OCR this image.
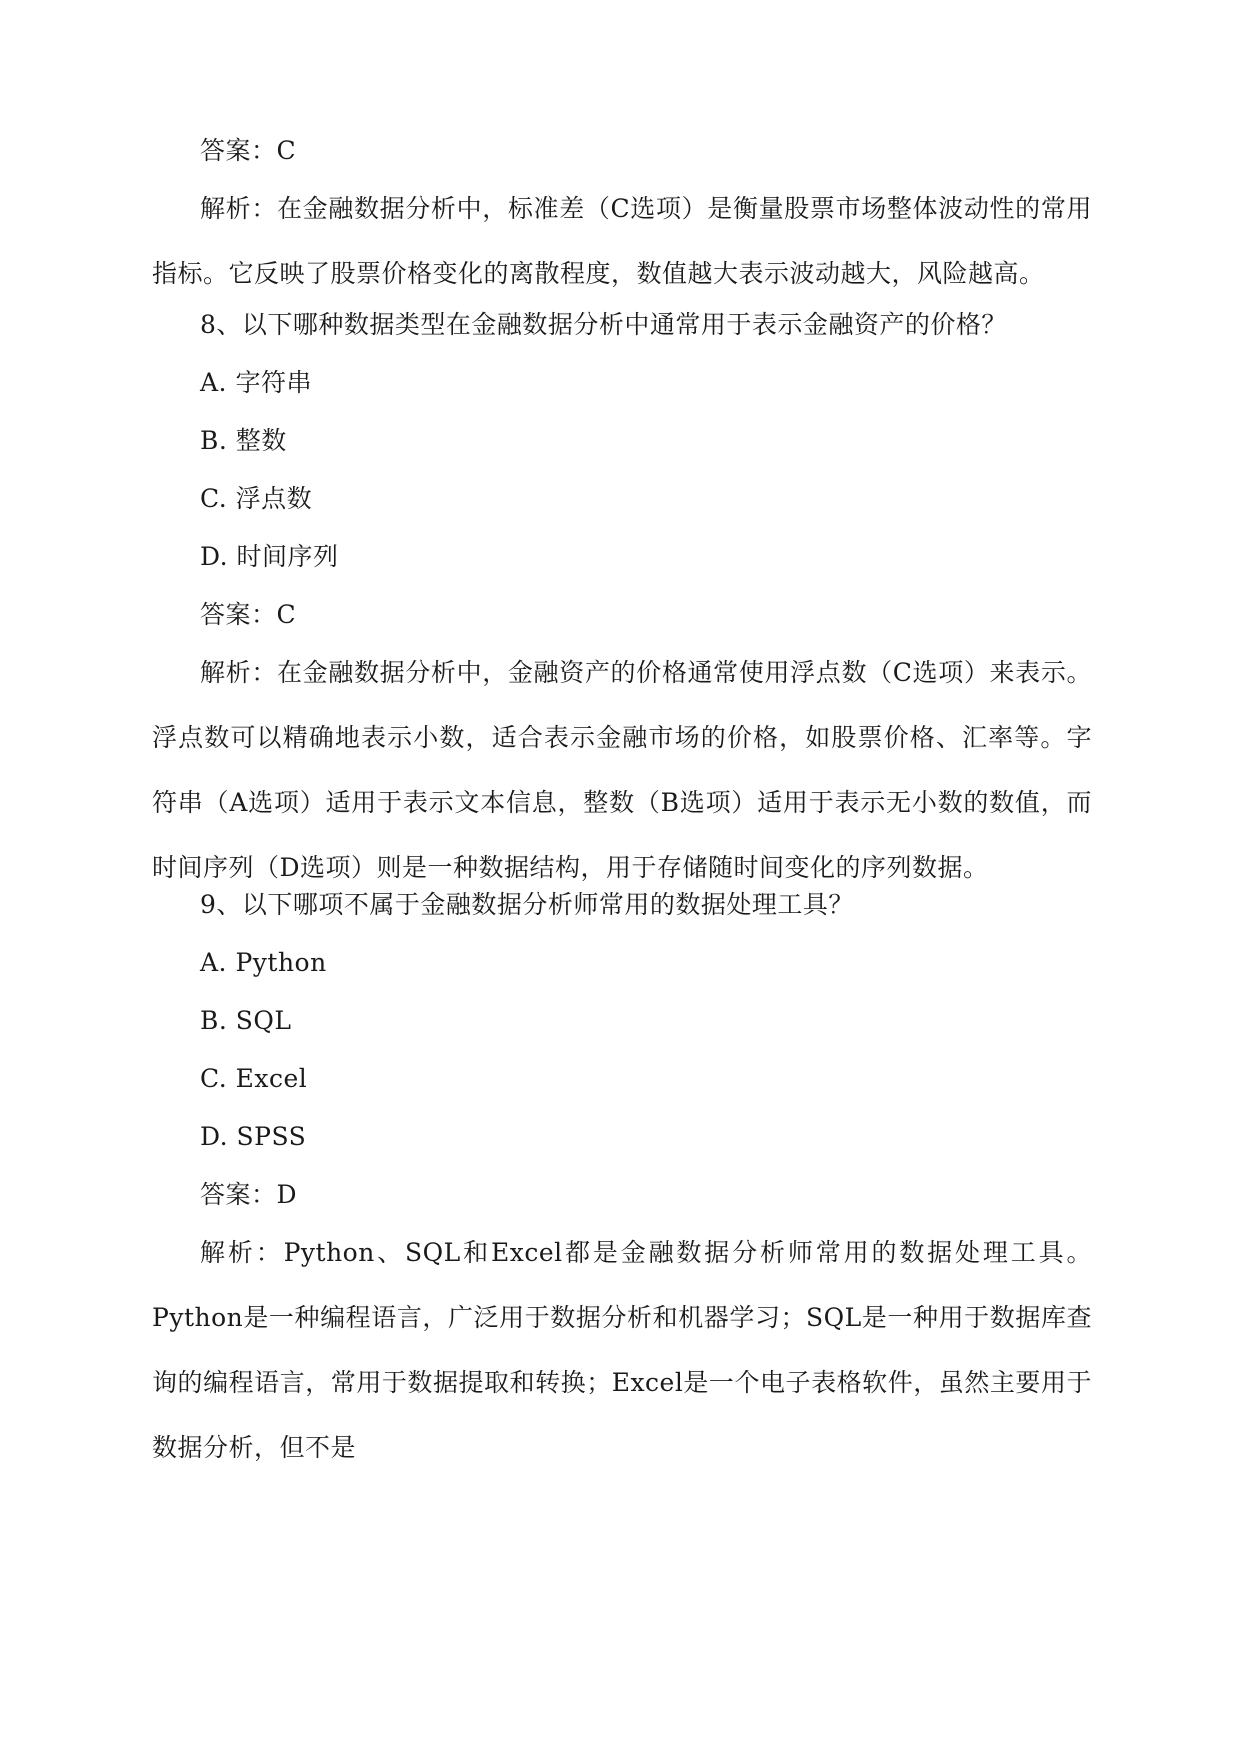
答案：C
解析：在金融数据分析中，标准差（C选项）是衡量股票市场整体波动性的常用指标。它反映了股票价格变化的离散程度，数值越大表示波动越大，风险越高。
8、以下哪种数据类型在金融数据分析中通常用于表示金融资产的价格？
A. 字符串
B. 整数
C. 浮点数
D. 时间序列
答案：C
解析：在金融数据分析中，金融资产的价格通常使用浮点数（C选项）来表示。浮点数可以精确地表示小数，适合表示金融市场的价格，如股票价格、汇率等。字符串（A选项）适用于表示文本信息，整数（B选项）适用于表示无小数的数值，而时间序列（D选项）则是一种数据结构，用于存储随时间变化的序列数据。
9、以下哪项不属于金融数据分析师常用的数据处理工具？
A. Python
B. SQL
C. Excel
D. SPSS
答案：D
解析：Python、SQL和Excel都是金融数据分析师常用的数据处理工具。Python是一种编程语言，广泛用于数据分析和机器学习；SQL是一种用于数据库查询的编程语言，常用于数据提取和转换；Excel是一个电子表格软件，虽然主要用于数据分析，但不是
